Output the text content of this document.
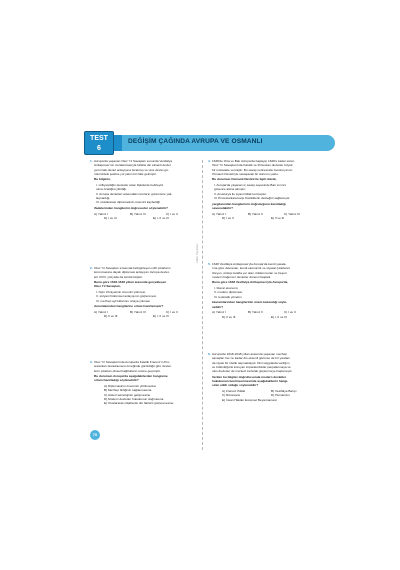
TEST
6
DEĞİŞİM ÇAĞINDA AVRUPA VE OSMANLI
Zafer Yayınları
1. Avrupa'da yaşanan Otuz Yıl Savaşları sonunda Vestfalya
Antlaşması'nın imzalanmasıyla birlikte din eksenli devlet
yerini laik devlet anlayışına bırakmış ve ulus devlet gü-
nümüzdeki şekline yol yakın bir hâle gelmiştir.

Bu bilginin,

I. milliyetçiliğin devletler arası ilişkilerde belirleyici
olma özelliğini yitirdiği,
II. Avrupa devletleri arasındaki sınırların günümüze yak-
laşmadığı,
III. uluslararası diplomasinin önemini kaybettiği

ifadelerinden hangilerini doğrusudur söylenebilir?

A) Yalnız I	B) Yalnız III	C) I ve II
D) I ve III	E) I, II ve III
2. Otuz Yıl Savaşları sırasında belirginleşen millî çıkarların
korunmasına dayalı diplomasi anlayışını Avrupa devlet-
leri XVIII. yüzyılda da sürdürmüştür.

Buna göre 1618-1648 yılları arasında gerçekleşen
Otuz Yıl Savaşları,

I. hiçin zihniyetinin önemini yitirmesi,
II. süryani hükümsel anlayışının güçlenmesi,
III. mezhep ayrılıklarının ortaya çıkması

durumlarından hangilerine ortam hazırlamıştır?

A) Yalnız I	B) Yalnız III	C) I ve II
D) II ve III	E) I, II ve III
3. Otuz Yıl Savaşları'nda Avrupa'da Katolik Fransız'ın Pro-
testanları desteklemesi örneğinde görüldüğü gibi, devlet-
lerin çıkarları dinsel bağlılıkların önüne geçmiştir.

Bu durumun Avrupa'da aşağıdakilerden hangisine
ortam hazırladığı söylenebilir?

A) Diplomasinin öneminin yitirilmesine
B) Mezhep birliğinin sağlanmasına
C) Askerî teknolojinin gelişmesine
D) Modern devletler hukukunun doğmasına
E) Uluslararası ilişkilerde din faktörü güçlenmesine

4. 1648'de Orta ve Batı Avrupa'da başlayıp 1648'e kadar süren
Otuz Yıl Savaşları'nda Katolik ve Protestan devletler büyük
bir mücadele vermiştir. Bu savaş neticesinde Avusturya'nın
Osmanlı Devleti'yle savaşacak bir durumu yoktu.

Bu durumun Osmanlı Devleti ile ilgili olarak,

I. Avrupa'da yaşanan iç savaş sayesinde Batı sınırını
güvence altına almıştır.
II. Avusturya ile siyasi ittifak kurmuştur.
III. Protestanlara karşı Katoliklerin desteğini sağlamıştır.

yargılarından hangilerinin doğruluğunu kanıtladığı
savunulabilir?

A) Yalnız I	B) Yalnız II	C) Yalnız III
D) I ve II	E) II ve III
5. 1648 Vestfalya Antlaşması'yla Avrupa'da kendi yasala-
rına göre davranan, kendi ekonomik ve siyasal çıkarlarını
izleyen, özdeşi tarafta yer alan, iktidarı kuran ve beşeri
modern bağımsız devletler dönemi başladı.

Buna göre 1648 Vestfalya Antlaşması'yla Avrupa'da,

I. liberal ekonomi,
II. modern diplomasi,
III. teokratik yönetim

kavramlarından hangilerinin önem kazandığı söyle-
nebilir?

A) Yalnız I	B) Yalnız II	C) I ve II
D) II ve III	E) I, II ve III
6. Avrupa'da 1618-1648 yılları arasında yaşanan mezhep
savaşları her ne kadar din eksenli görünse de bir yandan
da siyasi bir nitelik taşımaktaydı. Dini saygılarda varlığını
ve bütünlüğünü koruyan imparatorluklar parçalanmaya ve
ulus devletler de merkezi kırılarak güçlenmeye başlamıştır.

Verilen bu bilgiler doğrultusunda modern devletler
hukukunun benimsenmesinde aşağıdakilerin hangi-
sinin etkili olduğu söylenebilir?

A) Fransız İhtilali	B) Vestfalya Barışı
C) Rönesans	D) Hümanizm

E) İnsan Hakları Evrensel Beyannamesi

70
